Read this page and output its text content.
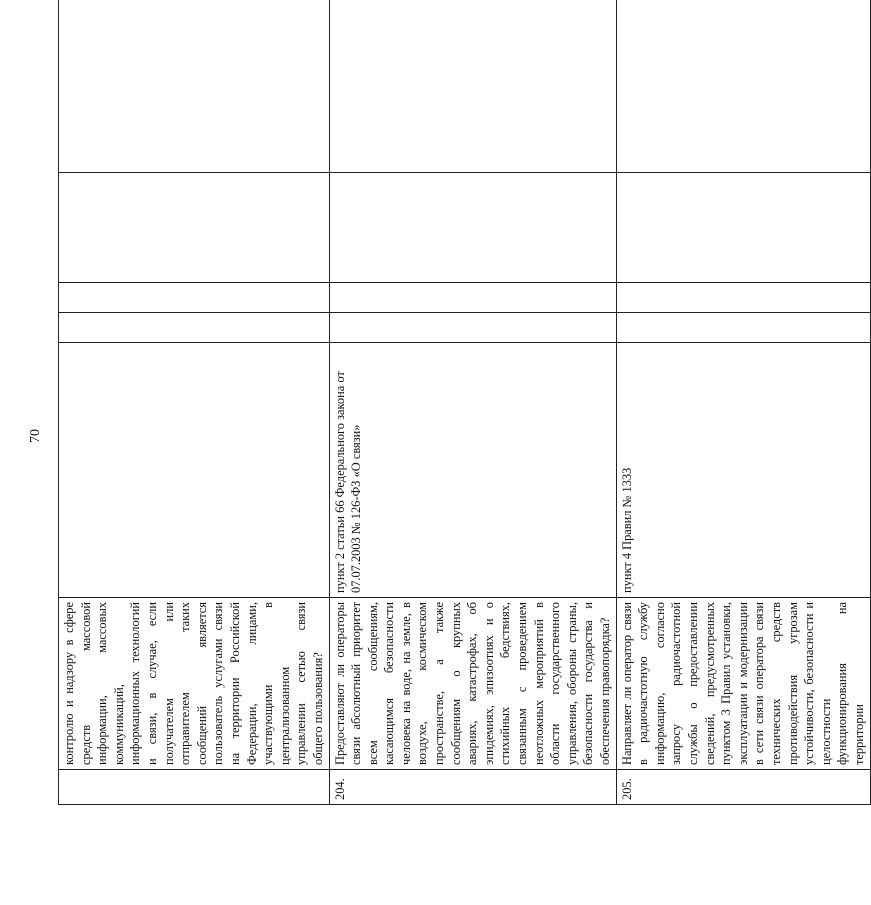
70
	контролю и надзору в сфере средств массовой информации, массовых коммуникаций, информационных технологий и связи, в случае, если получателем или отправителем таких сообщений является пользователь услугами связи на территории Российской Федерации, лицами, участвующими в централизованном управлении сетью связи общего пользования?					
204.	Предоставляют ли операторы связи абсолютный приоритет всем сообщениям, касающимся безопасности человека на воде, на земле, в воздухе, космическом пространстве, а также сообщениям о крупных авариях, катастрофах, об эпидемиях, эпизоотиях и о стихийных бедствиях, связанным с проведением неотложных мероприятий в области государственного управления, обороны страны, безопасности государства и обеспечения правопорядка?	пункт 2 статьи 66 Федерального закона от 07.07.2003 № 126-ФЗ «О связи»				
205.	Направляет ли оператор связи в радиочастотную службу информацию, согласно запросу радиочастотной службы о предоставлении сведений, предусмотренных пунктом 3 Правил установки, эксплуатации и модернизации в сети связи оператора связи технических средств противодействия угрозам устойчивости, безопасности и целостности функционирования на территории	пункт 4 Правил № 1333				
